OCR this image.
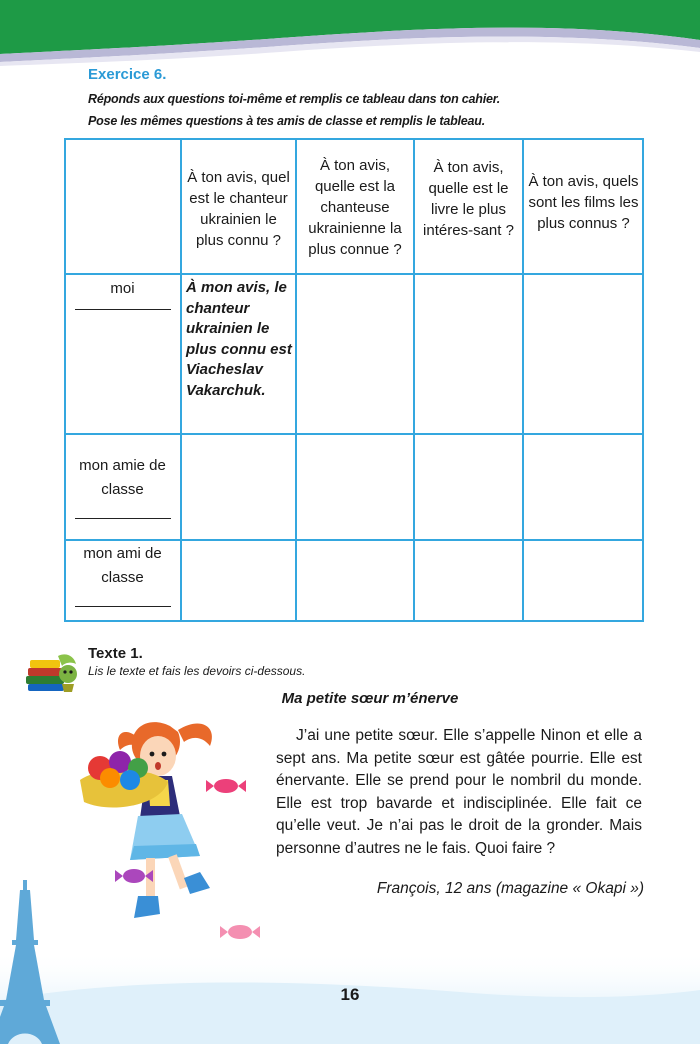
Exercice 6.
Réponds aux questions toi-même et remplis ce tableau dans ton cahier.
Pose les mêmes questions à tes amis de classe et remplis le tableau.
À ton avis, quel est le chanteur ukrainien le plus connu ?
À ton avis, quelle est la chanteuse ukrainienne la plus connue ?
À ton avis, quelle est le livre le plus intéres-sant ?
À ton avis, quels sont les films les plus connus ?
moi
mon amie de classe
mon ami de classe
À mon avis, le chanteur ukrainien le plus connu est Viacheslav Vakarchuk.
Texte 1.
Lis le texte et fais les devoirs ci-dessous.
Ma petite sœur m’énerve
J’ai une petite sœur. Elle s’appelle Ninon et elle a sept ans. Ma petite sœur est gâtée pourrie. Elle est énervante. Elle se prend pour le nombril du monde. Elle est trop bavarde et indisciplinée. Elle fait ce qu’elle veut. Je n’ai pas le droit de la gronder. Mais personne d’autres ne le fais. Quoi faire ?
François, 12 ans (magazine « Okapi »)
16
